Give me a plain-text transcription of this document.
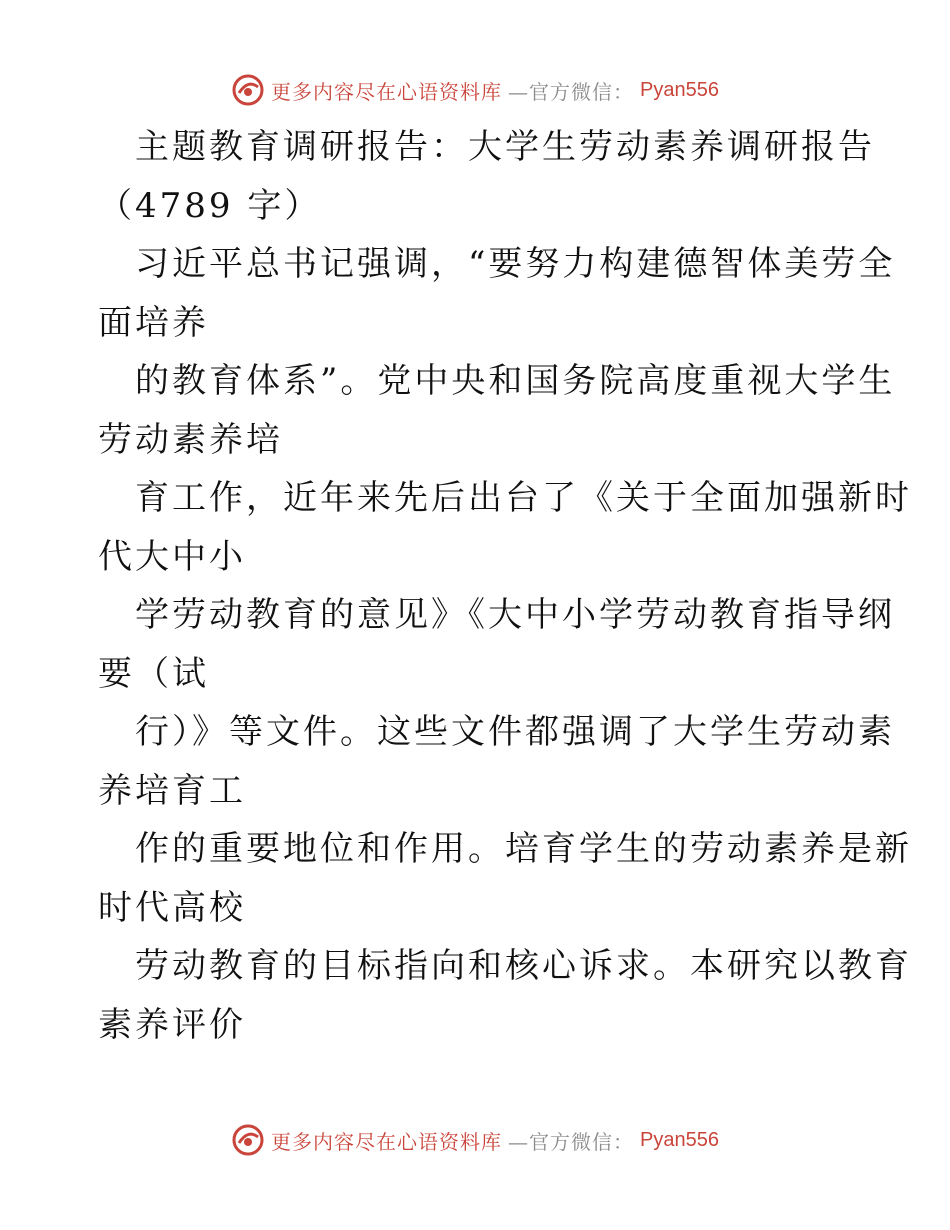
更多内容尽在心语资料库 —官方微信： Pyan556
主题教育调研报告：大学生劳动素养调研报告
（4789 字）
习近平总书记强调，“要努力构建德智体美劳全
面培养
的教育体系”。党中央和国务院高度重视大学生
劳动素养培
育工作，近年来先后出台了《关于全面加强新时
代大中小
学劳动教育的意见》《大中小学劳动教育指导纲
要（试
行）》等文件。这些文件都强调了大学生劳动素
养培育工
作的重要地位和作用。培育学生的劳动素养是新
时代高校
劳动教育的目标指向和核心诉求。本研究以教育
素养评价
更多内容尽在心语资料库 —官方微信： Pyan556
